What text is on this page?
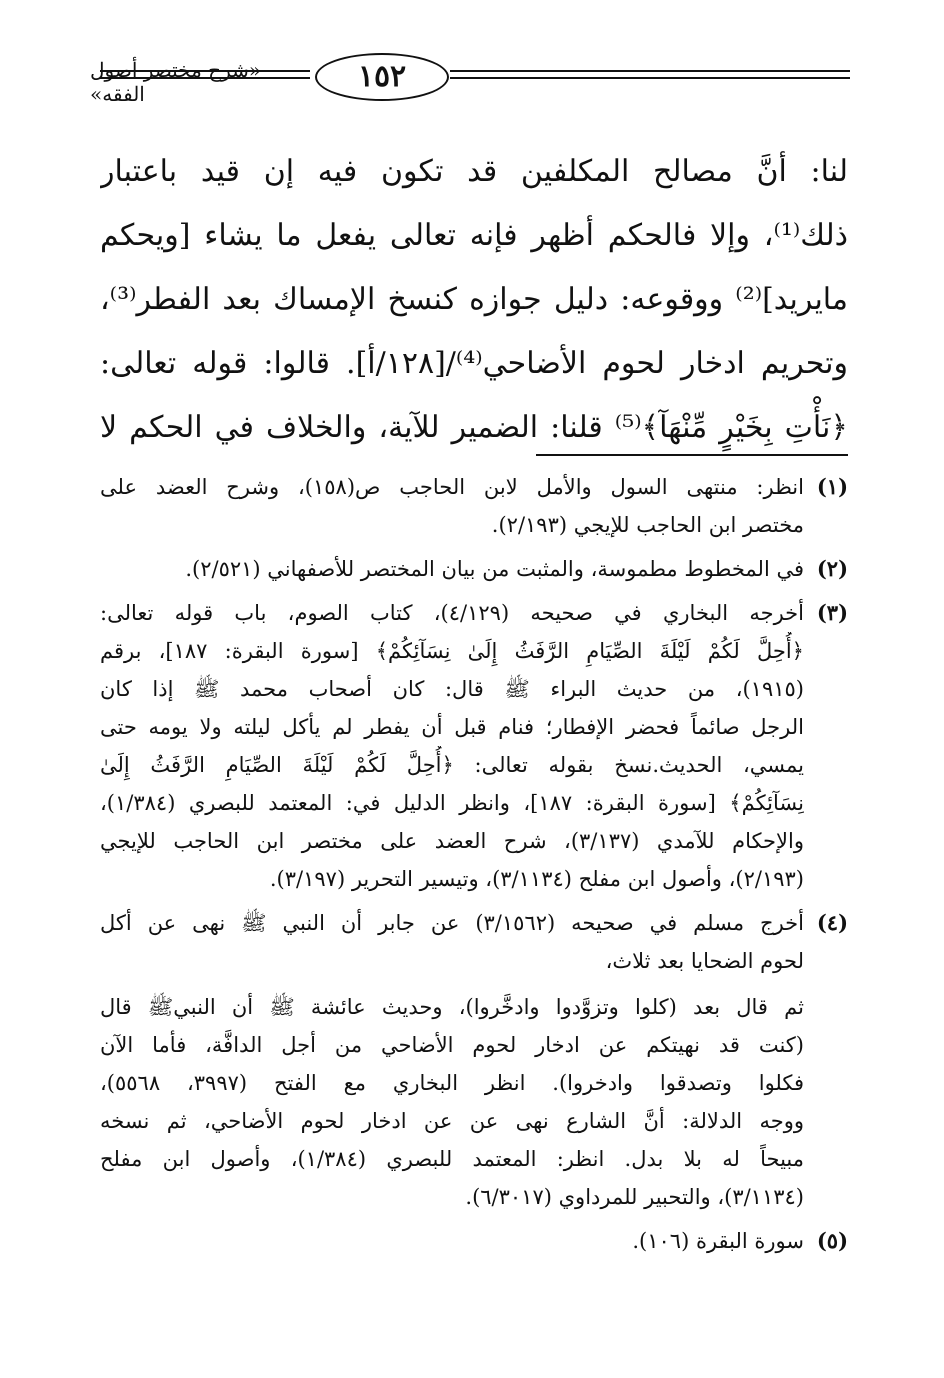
«شرح مختصر أصول الفقه»	١٥٢
لنا: أنَّ مصالح المكلفين قد تكون فيه إن قيد باعتبار
ذلك⁽¹⁾، وإلا فالحكم أظهر فإنه تعالى يفعل ما يشاء [ويحكم
مايريد]⁽²⁾ ووقوعه: دليل جوازه كنسخ الإمساك بعد الفطر⁽³⁾،
وتحريم ادخار لحوم الأضاحي⁽⁴⁾/[١٢٨/أ]. قالوا: قوله تعالى:
﴿نَأْتِ بِخَيْرٍ مِّنْهَآ﴾⁽⁵⁾ قلنا: الضمير للآية، والخلاف في الحكم لا
(١)
انظر: منتهى السول والأمل لابن الحاجب ص(١٥٨)، وشرح العضد على
مختصر ابن الحاجب للإيجي (٢/١٩٣).
(٢)
في المخطوط مطموسة، والمثبت من بيان المختصر للأصفهاني (٢/٥٢١).
(٣)
أخرجه البخاري في صحيحه (٤/١٢٩)، كتاب الصوم، باب قوله تعالى:
﴿أُحِلَّ لَكُمْ لَيْلَةَ الصِّيَامِ الرَّفَثُ إِلَىٰ نِسَآئِكُمْ﴾ [سورة البقرة: ١٨٧]، برقم
(١٩١٥)، من حديث البراء ﷺ قال: كان أصحاب محمد ﷺ إذا كان
الرجل صائماً فحضر الإفطار؛ فنام قبل أن يفطر لم يأكل ليلته ولا يومه حتى
يمسي، الحديث.نسخ بقوله تعالى: ﴿أُحِلَّ لَكُمْ لَيْلَةَ الصِّيَامِ الرَّفَثُ إِلَىٰ
نِسَآئِكُمْ﴾ [سورة البقرة: ١٨٧]، وانظر الدليل في: المعتمد للبصري (١/٣٨٤)،
والإحكام للآمدي (٣/١٣٧)، شرح العضد على مختصر ابن الحاجب للإيجي
(٢/١٩٣)، وأصول ابن مفلح (٣/١١٣٤)، وتيسير التحرير (٣/١٩٧).
(٤)
أخرج مسلم في صحيحه (٣/١٥٦٢) عن جابر أن النبي ﷺ نهى عن أكل
لحوم الضحايا بعد ثلاث،
ثم قال بعد (كلوا وتزوَّدوا وادخَّروا)، وحديث عائشة ﷺ أن النبيﷺ قال
(كنت قد نهيتكم عن ادخار لحوم الأضاحي من أجل الدافَّة، فأما الآن
فكلوا وتصدقوا وادخروا). انظر البخاري مع الفتح (٣٩٩٧، ٥٥٦٨)،
ووجه الدلالة: أنَّ الشارع نهى عن عن ادخار لحوم الأضاحي، ثم نسخه
مبيحاً له بلا بدل. انظر: المعتمد للبصري (١/٣٨٤)، وأصول ابن مفلح
(٣/١١٣٤)، والتحبير للمرداوي (٦/٣٠١٧).
(٥)
سورة البقرة (١٠٦).
